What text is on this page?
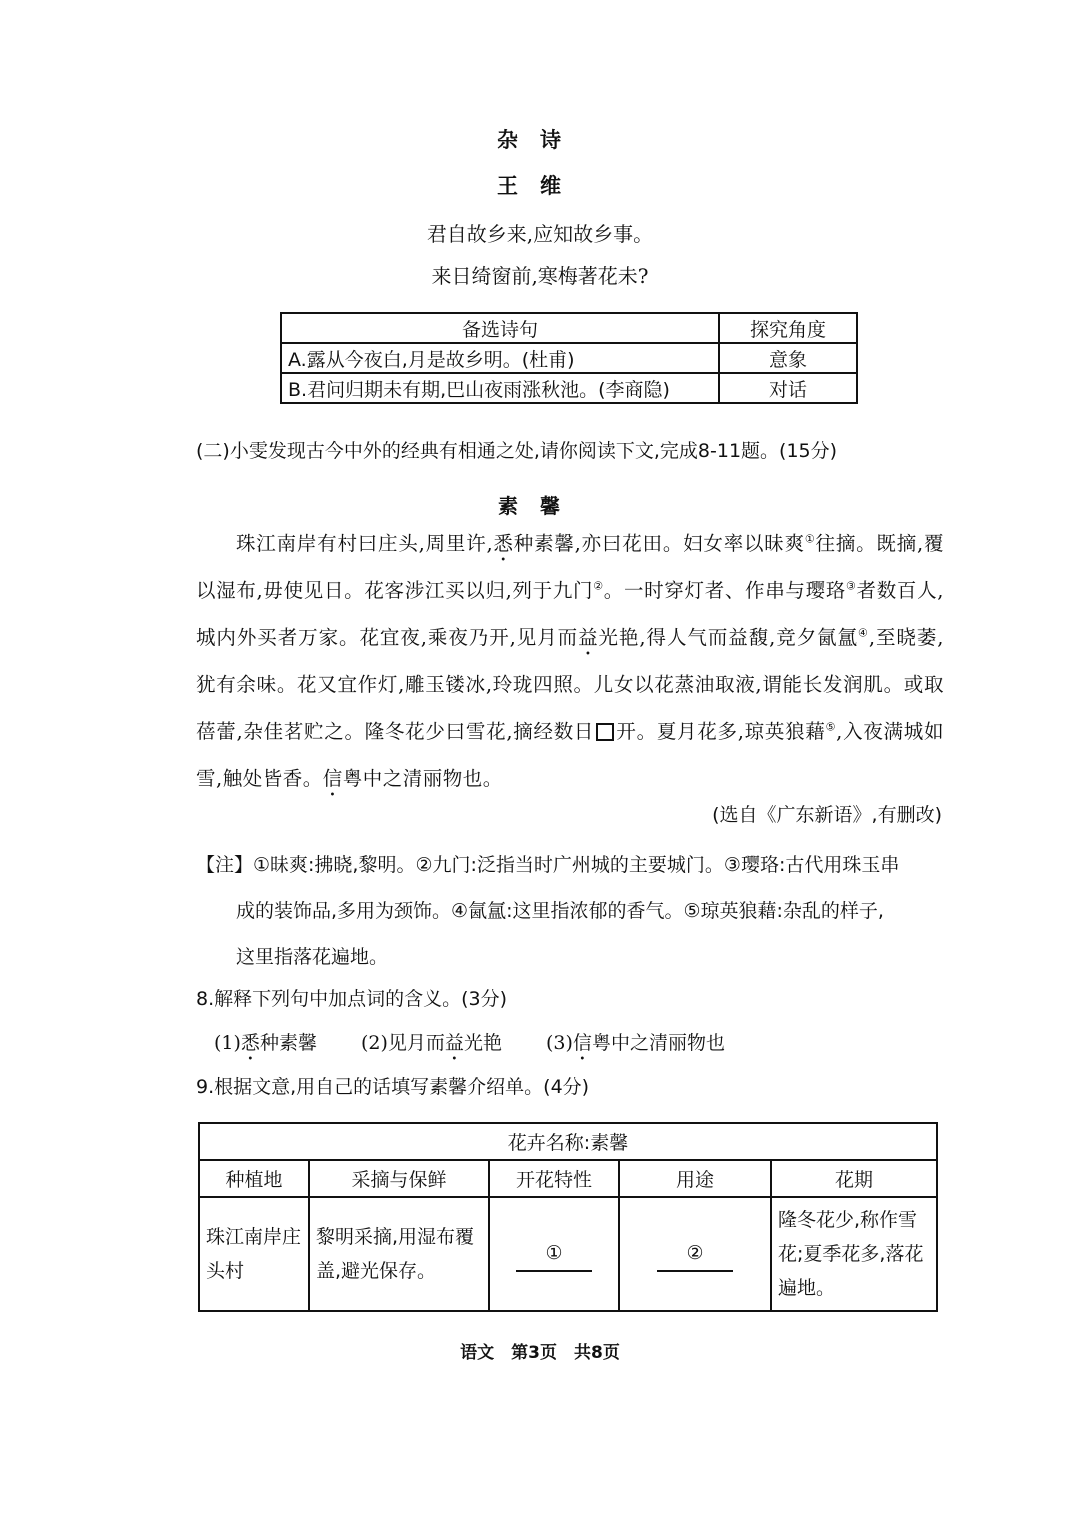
杂诗
王维
君自故乡来,应知故乡事。
来日绮窗前,寒梅著花未?
备选诗句	探究角度
A.露从今夜白,月是故乡明。(杜甫)	意象
B.君问归期未有期,巴山夜雨涨秋池。(李商隐)	对话
(二)小雯发现古今中外的经典有相通之处,请你阅读下文,完成8-11题。(15分)
素馨
珠江南岸有村曰庄头,周里许,悉种素馨,亦曰花田。妇女率以昧爽①往摘。既摘,覆以湿布,毋使见日。花客涉江买以归,列于九门②。一时穿灯者、作串与璎珞③者数百人,城内外买者万家。花宜夜,乘夜乃开,见月而益光艳,得人气而益馥,竞夕氤氲④,至晓萎,犹有余味。花又宜作灯,雕玉镂冰,玲珑四照。儿女以花蒸油取液,谓能长发润肌。或取蓓蕾,杂佳茗贮之。隆冬花少曰雪花,摘经数日 开。夏月花多,琼英狼藉⑤,入夜满城如雪,触处皆香。信粤中之清丽物也。
(选自《广东新语》,有删改)
【注】①昧爽:拂晓,黎明。②九门:泛指当时广州城的主要城门。③璎珞:古代用珠玉串
成的装饰品,多用为颈饰。④氤氲:这里指浓郁的香气。⑤琼英狼藉:杂乱的样子,
这里指落花遍地。
8.解释下列句中加点词的含义。(3分)
(1)悉种素馨 (2)见月而益光艳 (3)信粤中之清丽物也
9.根据文意,用自己的话填写素馨介绍单。(4分)
花卉名称:素馨				
种植地	采摘与保鲜	开花特性	用途	花期
珠江南岸庄头村	黎明采摘,用湿布覆盖,避光保存。	①	②	隆冬花少,称作雪花;夏季花多,落花遍地。
语文　第3页　共8页
